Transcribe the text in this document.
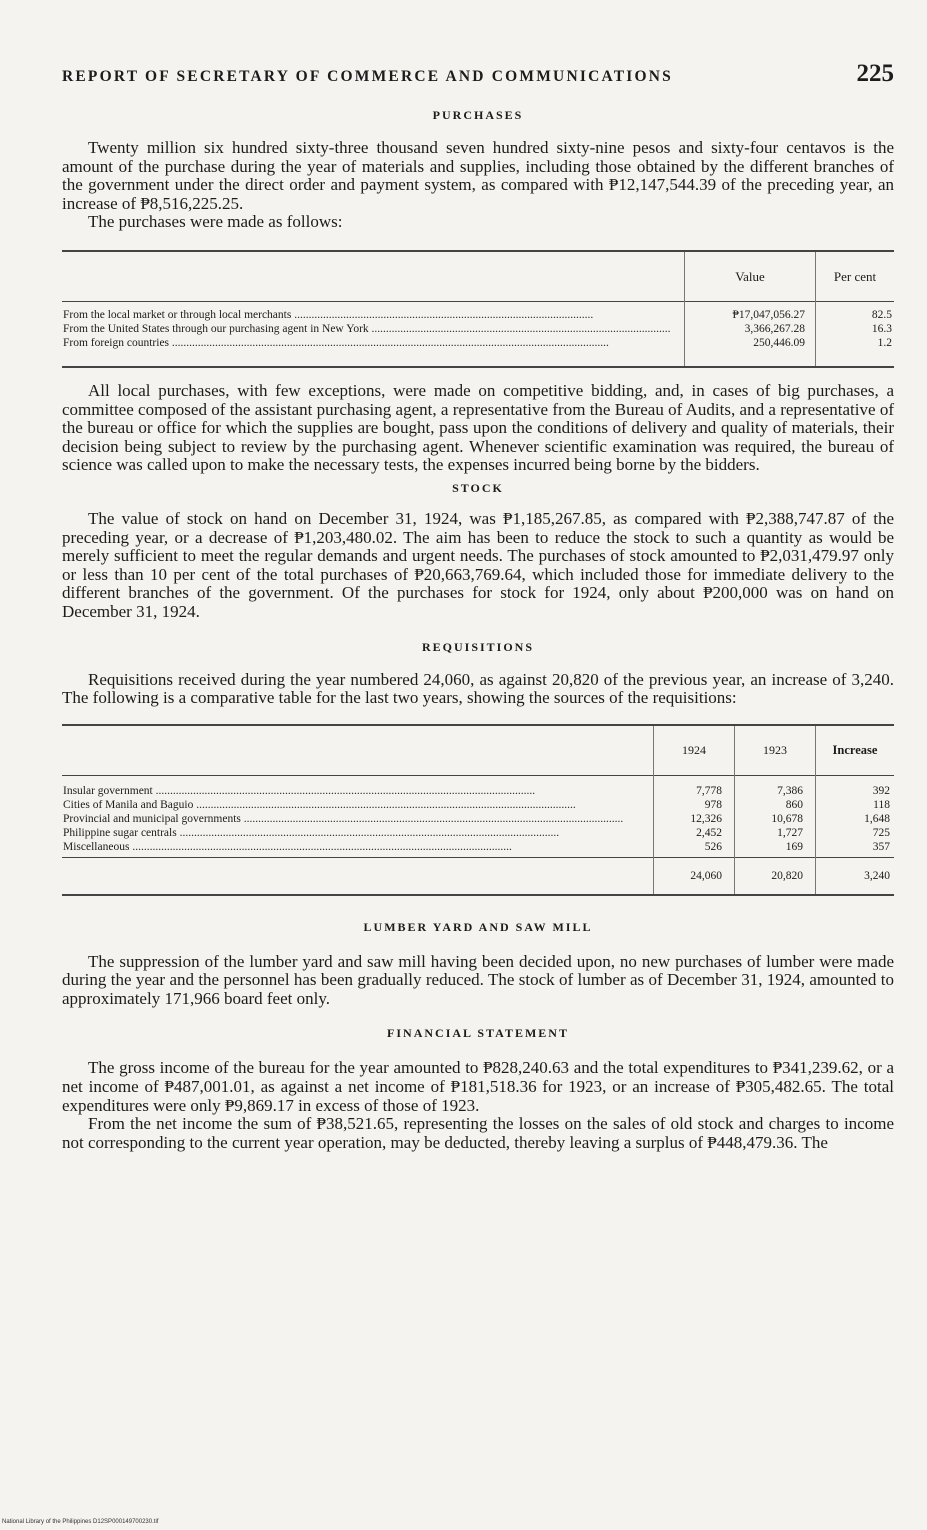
REPORT OF SECRETARY OF COMMERCE AND COMMUNICATIONS	225
PURCHASES

Twenty million six hundred sixty-three thousand seven hundred sixty-nine pesos and sixty-four centavos is the amount of the purchase during the year of materials and supplies, including those obtained by the different branches of the government under the direct order and payment system, as compared with ₱12,147,544.39 of the preceding year, an increase of ₱8,516,225.25.

The purchases were made as follows:

	Value	Per cent

From the local market or through local merchants ........................................................................................................	₱17,047,056.27	82.5
From the United States through our purchasing agent in New York ........................................................................................................	3,366,267.28	16.3
From foreign countries ........................................................................................................................................................	250,446.09	1.2

All local purchases, with few exceptions, were made on competitive bidding, and, in cases of big purchases, a committee composed of the assistant purchasing agent, a representative from the Bureau of Audits, and a representative of the bureau or office for which the supplies are bought, pass upon the conditions of delivery and quality of materials, their decision being subject to review by the purchasing agent. Whenever scientific examination was required, the bureau of science was called upon to make the necessary tests, the expenses incurred being borne by the bidders.

STOCK

The value of stock on hand on December 31, 1924, was ₱1,185,267.85, as compared with ₱2,388,747.87 of the preceding year, or a decrease of ₱1,203,480.02. The aim has been to reduce the stock to such a quantity as would be merely sufficient to meet the regular demands and urgent needs. The purchases of stock amounted to ₱2,031,479.97 only or less than 10 per cent of the total purchases of ₱20,663,769.64, which included those for immediate delivery to the different branches of the government. Of the purchases for stock for 1924, only about ₱200,000 was on hand on December 31, 1924.

REQUISITIONS

Requisitions received during the year numbered 24,060, as against 20,820 of the previous year, an increase of 3,240. The following is a comparative table for the last two years, showing the sources of the requisitions:

	1924	1923	Increase

Insular government ....................................................................................................................................	7,778	7,386	392
Cities of Manila and Baguio ....................................................................................................................................	978	860	118
Provincial and municipal governments ....................................................................................................................................	12,326	10,678	1,648
Philippine sugar centrals ....................................................................................................................................	2,452	1,727	725
Miscellaneous ....................................................................................................................................	526	169	357

	24,060	20,820	3,240
LUMBER YARD AND SAW MILL

The suppression of the lumber yard and saw mill having been decided upon, no new purchases of lumber were made during the year and the personnel has been gradually reduced. The stock of lumber as of December 31, 1924, amounted to approximately 171,966 board feet only.

FINANCIAL STATEMENT

The gross income of the bureau for the year amounted to ₱828,240.63 and the total expenditures to ₱341,239.62, or a net income of ₱487,001.01, as against a net income of ₱181,518.36 for 1923, or an increase of ₱305,482.65. The total expenditures were only ₱9,869.17 in excess of those of 1923.

From the net income the sum of ₱38,521.65, representing the losses on the sales of old stock and charges to income not corresponding to the current year operation, may be deducted, thereby leaving a surplus of ₱448,479.36. The

National Library of the Philippines D12SP000149700230.tif
